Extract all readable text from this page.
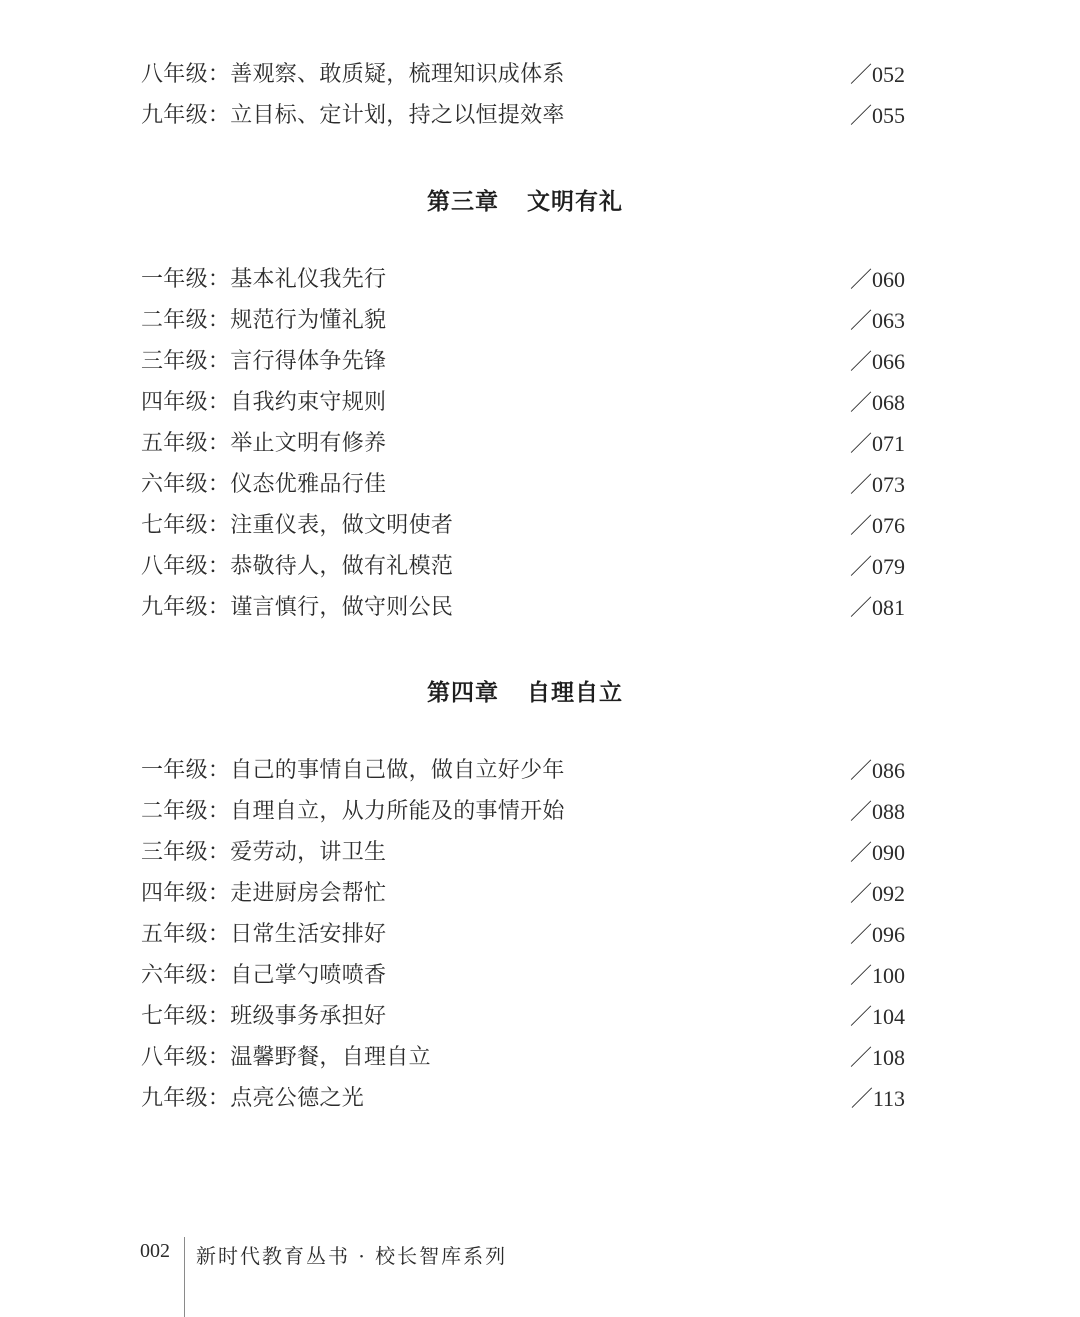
八年级：善观察、敢质疑，梳理知识成体系	／052
九年级：立目标、定计划，持之以恒提效率	／055
第三章 文明有礼
一年级：基本礼仪我先行	／060
二年级：规范行为懂礼貌	／063
三年级：言行得体争先锋	／066
四年级：自我约束守规则	／068
五年级：举止文明有修养	／071
六年级：仪态优雅品行佳	／073
七年级：注重仪表，做文明使者	／076
八年级：恭敬待人，做有礼模范	／079
九年级：谨言慎行，做守则公民	／081
第四章 自理自立
一年级：自己的事情自己做，做自立好少年	／086
二年级：自理自立，从力所能及的事情开始	／088
三年级：爱劳动，讲卫生	／090
四年级：走进厨房会帮忙	／092
五年级：日常生活安排好	／096
六年级：自己掌勺喷喷香	／100
七年级：班级事务承担好	／104
八年级：温馨野餐，自理自立	／108
九年级：点亮公德之光	／113
002 新时代教育丛书 · 校长智库系列
